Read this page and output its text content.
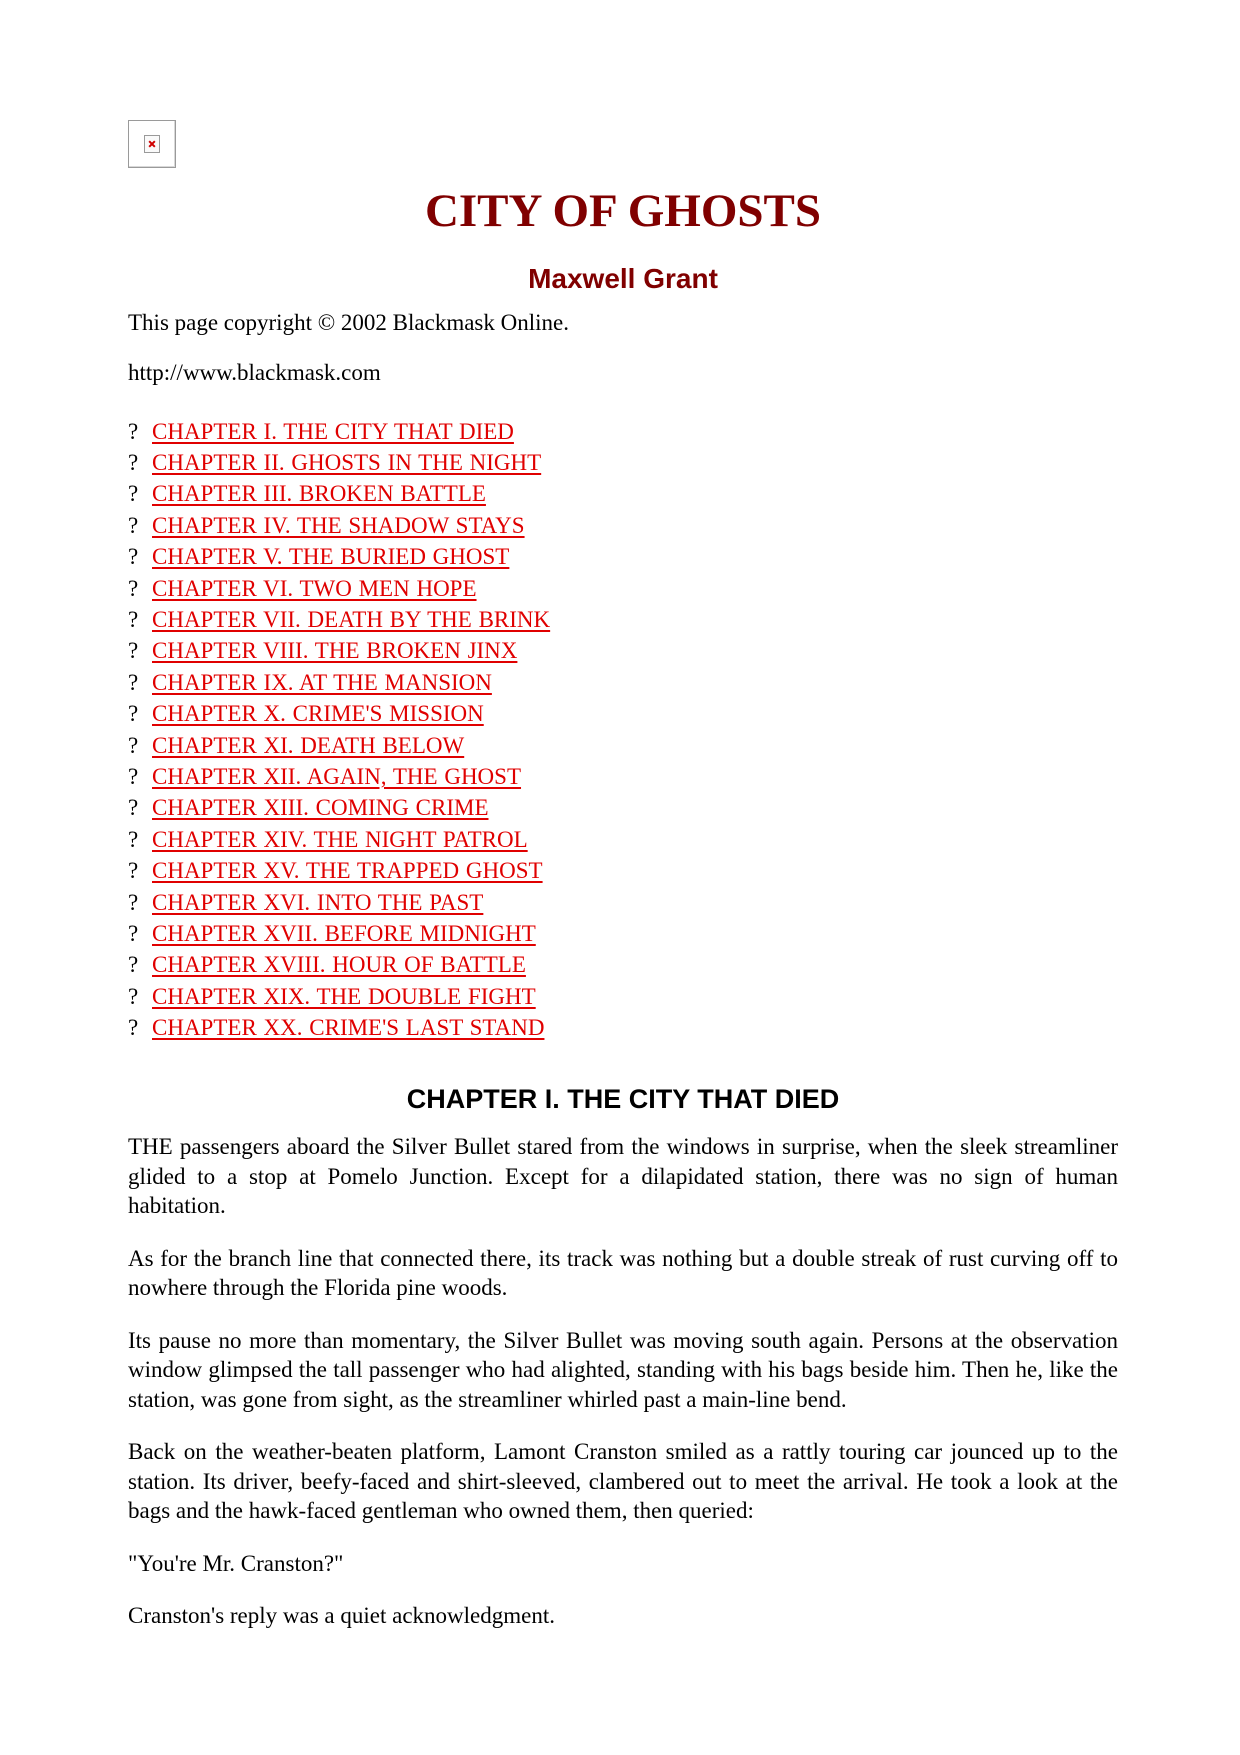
CITY OF GHOSTS
Maxwell Grant

This page copyright © 2002 Blackmask Online.

http://www.blackmask.com

? CHAPTER I. THE CITY THAT DIED
? CHAPTER II. GHOSTS IN THE NIGHT
? CHAPTER III. BROKEN BATTLE
? CHAPTER IV. THE SHADOW STAYS
? CHAPTER V. THE BURIED GHOST
? CHAPTER VI. TWO MEN HOPE
? CHAPTER VII. DEATH BY THE BRINK
? CHAPTER VIII. THE BROKEN JINX
? CHAPTER IX. AT THE MANSION
? CHAPTER X. CRIME'S MISSION
? CHAPTER XI. DEATH BELOW
? CHAPTER XII. AGAIN, THE GHOST
? CHAPTER XIII. COMING CRIME
? CHAPTER XIV. THE NIGHT PATROL
? CHAPTER XV. THE TRAPPED GHOST
? CHAPTER XVI. INTO THE PAST
? CHAPTER XVII. BEFORE MIDNIGHT
? CHAPTER XVIII. HOUR OF BATTLE
? CHAPTER XIX. THE DOUBLE FIGHT
? CHAPTER XX. CRIME'S LAST STAND
CHAPTER I. THE CITY THAT DIED

THE passengers aboard the Silver Bullet stared from the windows in surprise, when the sleek streamliner glided to a stop at Pomelo Junction. Except for a dilapidated station, there was no sign of human habitation.

As for the branch line that connected there, its track was nothing but a double streak of rust curving off to nowhere through the Florida pine woods.

Its pause no more than momentary, the Silver Bullet was moving south again. Persons at the observation window glimpsed the tall passenger who had alighted, standing with his bags beside him. Then he, like the station, was gone from sight, as the streamliner whirled past a main-line bend.

Back on the weather-beaten platform, Lamont Cranston smiled as a rattly touring car jounced up to the station. Its driver, beefy-faced and shirt-sleeved, clambered out to meet the arrival. He took a look at the bags and the hawk-faced gentleman who owned them, then queried:

"You're Mr. Cranston?"

Cranston's reply was a quiet acknowledgment.
